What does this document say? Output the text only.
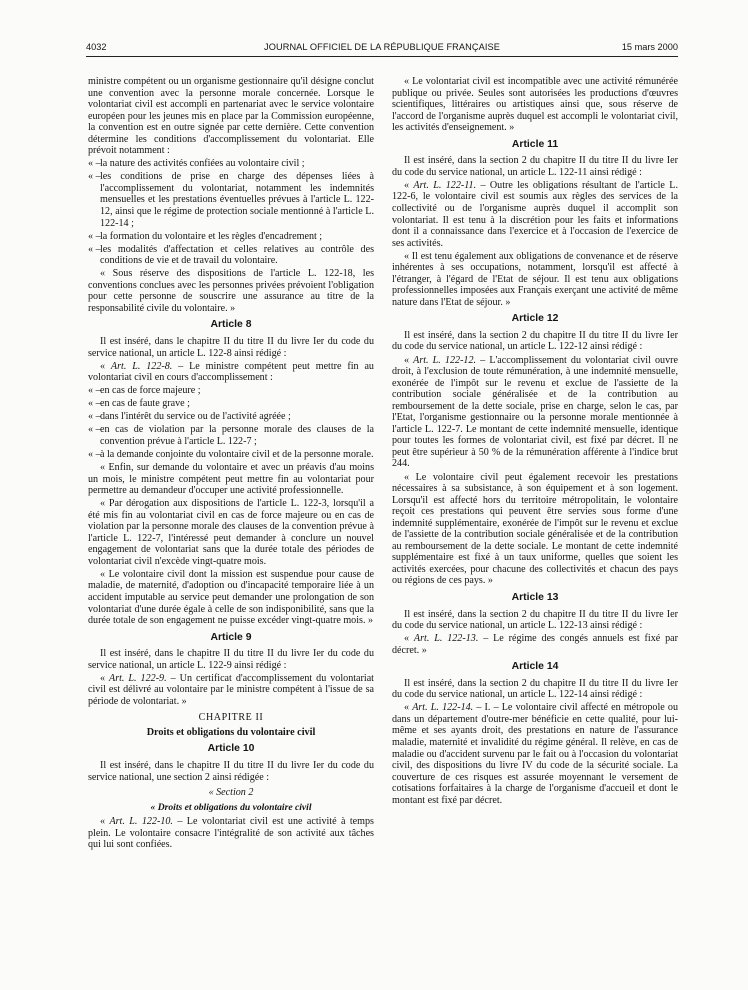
4032	JOURNAL OFFICIEL DE LA RÉPUBLIQUE FRANÇAISE	15 mars 2000

ministre compétent ou un organisme gestionnaire qu'il désigne conclut une convention avec la personne morale concernée. Lorsque le volontariat civil est accompli en partenariat avec le service volontaire européen pour les jeunes mis en place par la Commission européenne, la convention est en outre signée par cette dernière. Cette convention détermine les conditions d'accomplissement du volontariat. Elle prévoit notamment :

« –la nature des activités confiées au volontaire civil ;

« –les conditions de prise en charge des dépenses liées à l'accomplissement du volontariat, notamment les indemnités mensuelles et les prestations éventuelles prévues à l'article L. 122-12, ainsi que le régime de protection sociale mentionné à l'article L. 122-14 ;

« –la formation du volontaire et les règles d'encadrement ;

« –les modalités d'affectation et celles relatives au contrôle des conditions de vie et de travail du volontaire.

« Sous réserve des dispositions de l'article L. 122-18, les conventions conclues avec les personnes privées prévoient l'obligation pour cette personne de souscrire une assurance au titre de la responsabilité civile du volontaire. »

Article 8

Il est inséré, dans le chapitre II du titre II du livre Ier du code du service national, un article L. 122-8 ainsi rédigé :

« Art. L. 122-8. – Le ministre compétent peut mettre fin au volontariat civil en cours d'accomplissement :

« –en cas de force majeure ;

« –en cas de faute grave ;

« –dans l'intérêt du service ou de l'activité agréée ;

« –en cas de violation par la personne morale des clauses de la convention prévue à l'article L. 122-7 ;

« –à la demande conjointe du volontaire civil et de la personne morale.

« Enfin, sur demande du volontaire et avec un préavis d'au moins un mois, le ministre compétent peut mettre fin au volontariat pour permettre au demandeur d'occuper une activité professionnelle.

« Par dérogation aux dispositions de l'article L. 122-3, lorsqu'il a été mis fin au volontariat civil en cas de force majeure ou en cas de violation par la personne morale des clauses de la convention prévue à l'article L. 122-7, l'intéressé peut demander à conclure un nouvel engagement de volontariat sans que la durée totale des périodes de volontariat civil n'excède vingt-quatre mois.

« Le volontaire civil dont la mission est suspendue pour cause de maladie, de maternité, d'adoption ou d'incapacité temporaire liée à un accident imputable au service peut demander une prolongation de son volontariat d'une durée égale à celle de son indisponibilité, sans que la durée totale de son engagement ne puisse excéder vingt-quatre mois. »

Article 9

Il est inséré, dans le chapitre II du titre II du livre Ier du code du service national, un article L. 122-9 ainsi rédigé :

« Art. L. 122-9. – Un certificat d'accomplissement du volontariat civil est délivré au volontaire par le ministre compétent à l'issue de sa période de volontariat. »

CHAPITRE II
Droits et obligations du volontaire civil
Article 10

Il est inséré, dans le chapitre II du titre II du livre Ier du code du service national, une section 2 ainsi rédigée :

« Section 2
« Droits et obligations du volontaire civil

« Art. L. 122-10. – Le volontariat civil est une activité à temps plein. Le volontaire consacre l'intégralité de son activité aux tâches qui lui sont confiées.

« Le volontariat civil est incompatible avec une activité rémunérée publique ou privée. Seules sont autorisées les productions d'œuvres scientifiques, littéraires ou artistiques ainsi que, sous réserve de l'accord de l'organisme auprès duquel est accompli le volontariat civil, les activités d'enseignement. »

Article 11

Il est inséré, dans la section 2 du chapitre II du titre II du livre Ier du code du service national, un article L. 122-11 ainsi rédigé :

« Art. L. 122-11. – Outre les obligations résultant de l'article L. 122-6, le volontaire civil est soumis aux règles des services de la collectivité ou de l'organisme auprès duquel il accomplit son volontariat. Il est tenu à la discrétion pour les faits et informations dont il a connaissance dans l'exercice et à l'occasion de l'exercice de ses activités.

« Il est tenu également aux obligations de convenance et de réserve inhérentes à ses occupations, notamment, lorsqu'il est affecté à l'étranger, à l'égard de l'Etat de séjour. Il est tenu aux obligations professionnelles imposées aux Français exerçant une activité de même nature dans l'Etat de séjour. »

Article 12

Il est inséré, dans la section 2 du chapitre II du titre II du livre Ier du code du service national, un article L. 122-12 ainsi rédigé :

« Art. L. 122-12. – L'accomplissement du volontariat civil ouvre droit, à l'exclusion de toute rémunération, à une indemnité mensuelle, exonérée de l'impôt sur le revenu et exclue de l'assiette de la contribution sociale généralisée et de la contribution au remboursement de la dette sociale, prise en charge, selon le cas, par l'Etat, l'organisme gestionnaire ou la personne morale mentionnée à l'article L. 122-7. Le montant de cette indemnité mensuelle, identique pour toutes les formes de volontariat civil, est fixé par décret. Il ne peut être supérieur à 50 % de la rémunération afférente à l'indice brut 244.

« Le volontaire civil peut également recevoir les prestations nécessaires à sa subsistance, à son équipement et à son logement. Lorsqu'il est affecté hors du territoire métropolitain, le volontaire reçoit ces prestations qui peuvent être servies sous forme d'une indemnité supplémentaire, exonérée de l'impôt sur le revenu et exclue de l'assiette de la contribution sociale généralisée et de la contribution au remboursement de la dette sociale. Le montant de cette indemnité supplémentaire est fixé à un taux uniforme, quelles que soient les activités exercées, pour chacune des collectivités et chacun des pays ou régions de ces pays. »

Article 13

Il est inséré, dans la section 2 du chapitre II du titre II du livre Ier du code du service national, un article L. 122-13 ainsi rédigé :

« Art. L. 122-13. – Le régime des congés annuels est fixé par décret. »

Article 14

Il est inséré, dans la section 2 du chapitre II du titre II du livre Ier du code du service national, un article L. 122-14 ainsi rédigé :

« Art. L. 122-14. – I. – Le volontaire civil affecté en métropole ou dans un département d'outre-mer bénéficie en cette qualité, pour lui-même et ses ayants droit, des prestations en nature de l'assurance maladie, maternité et invalidité du régime général. Il relève, en cas de maladie ou d'accident survenu par le fait ou à l'occasion du volontariat civil, des dispositions du livre IV du code de la sécurité sociale. La couverture de ces risques est assurée moyennant le versement de cotisations forfaitaires à la charge de l'organisme d'accueil et dont le montant est fixé par décret.
